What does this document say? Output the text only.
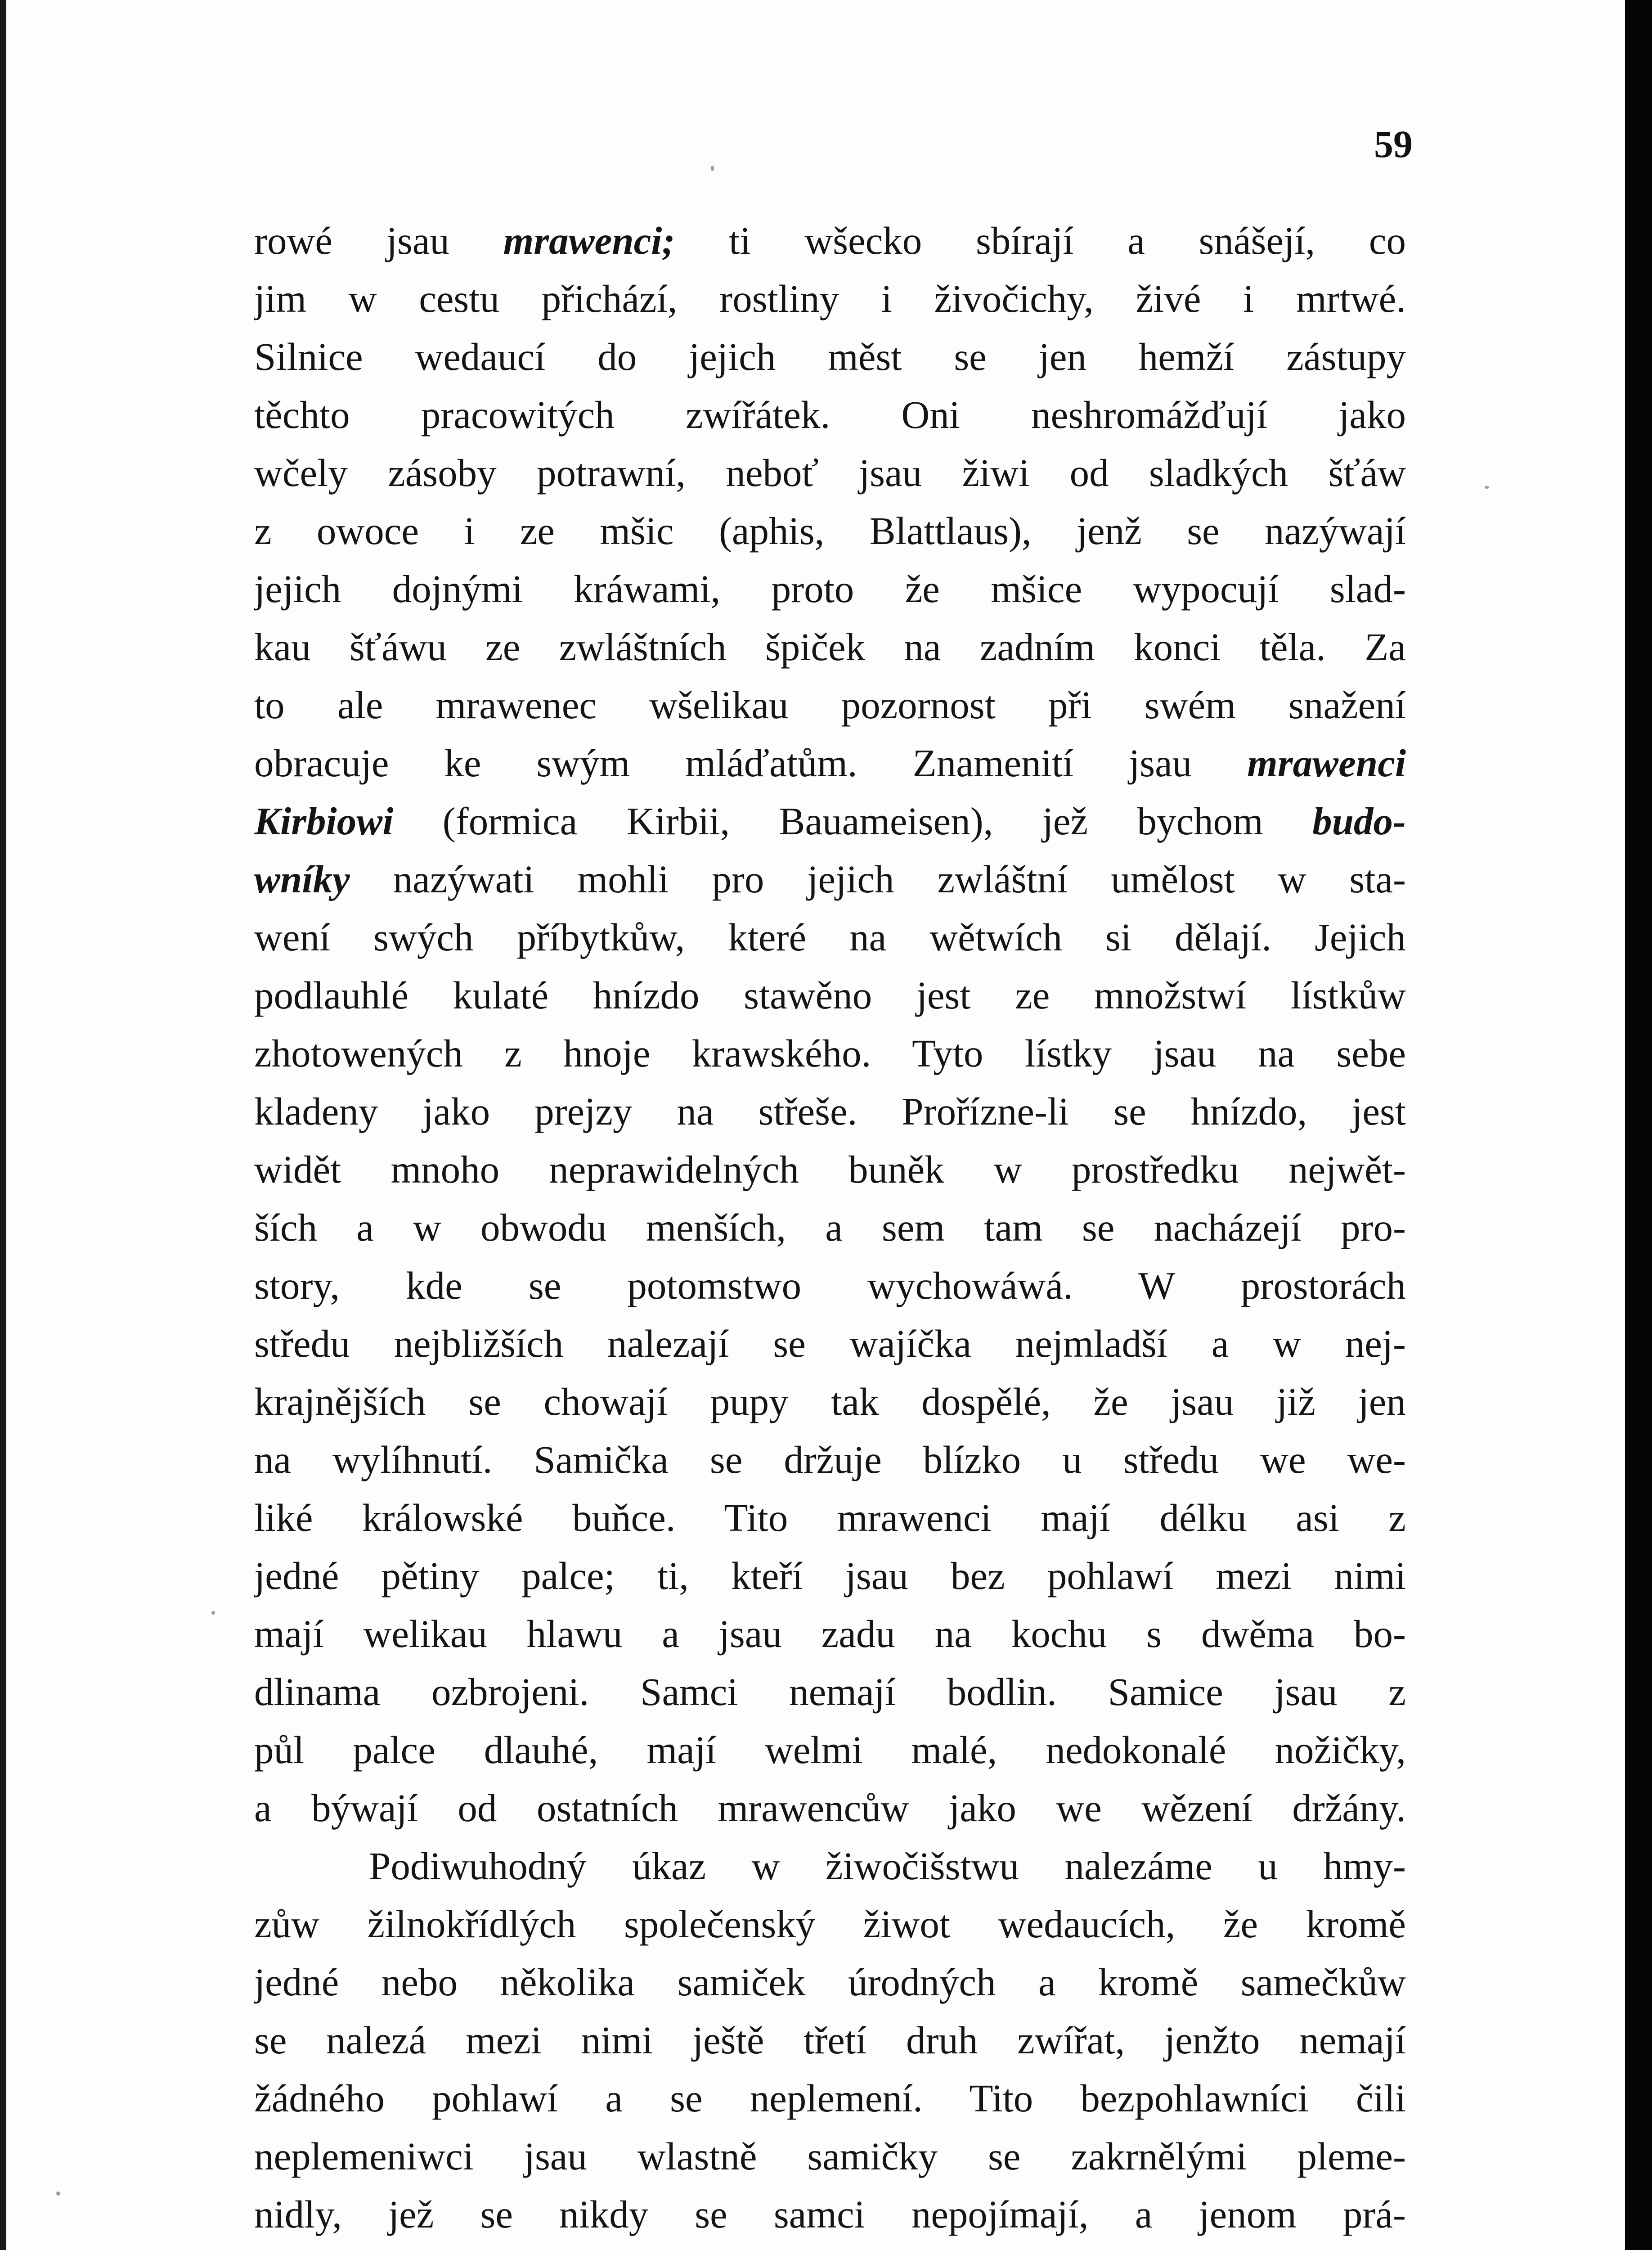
59

rowé jsau mrawenci; ti wšecko sbírají a snášejí, co
jim w cestu přichází, rostliny i živočichy, živé i mrtwé.
Silnice wedaucí do jejich měst se jen hemží zástupy
těchto pracowitých zwířátek. Oni neshromážďují jako
wčely zásoby potrawní, neboť jsau žiwi od sladkých šťáw
z owoce i ze mšic (aphis, Blattlaus), jenž se nazýwají
jejich dojnými kráwami, proto že mšice wypocují slad-
kau šťáwu ze zwláštních špiček na zadním konci těla. Za
to ale mrawenec wšelikau pozornost při swém snažení
obracuje ke swým mláďatům. Znamenití jsau mrawenci
Kirbiowi (formica Kirbii, Bauameisen), jež bychom budo-
wníky nazýwati mohli pro jejich zwláštní umělost w sta-
wení swých příbytkůw, které na wětwích si dělají. Jejich
podlauhlé kulaté hnízdo stawěno jest ze množstwí lístkůw
zhotowených z hnoje krawského. Tyto lístky jsau na sebe
kladeny jako prejzy na střeše. Proříznе-li se hnízdo, jest
widět mnoho neprawidelných buněk w prostředku nejwět-
ších a w obwodu menších, a sem tam se nacházejí pro-
story, kde se potomstwo wychowáwá. W prostorách
středu nejbližších nalezají se wajíčka nejmladší a w nej-
krajnějších se chowají pupy tak dospělé, že jsau již jen
na wylíhnutí. Samička se držuje blízko u středu we we-
liké králowské buňce. Tito mrawenci mají délku asi z
jedné pětiny palce; ti, kteří jsau bez pohlawí mezi nimi
mají welikau hlawu a jsau zadu na kochu s dwěma bo-
dlinama ozbrojeni. Samci nemají bodlin. Samice jsau z
půl palce dlauhé, mají welmi malé, nedokonalé nožičky,
a býwají od ostatních mrawencůw jako we wězení držány.
Podiwuhodný úkaz w žiwočišstwu nalezáme u hmy-
zůw žilnokřídlých společenský žiwot wedaucích, že kromě
jedné nebo několika samiček úrodných a kromě samečkůw
se nalezá mezi nimi ještě třetí druh zwířat, jenžto nemají
žádného pohlawí a se neplemení. Tito bezpohlawníci čili
neplemeniwci jsau wlastně samičky se zakrnělými pleme-
nidly, jež se nikdy se samci nepojímají, a jenom prá-
